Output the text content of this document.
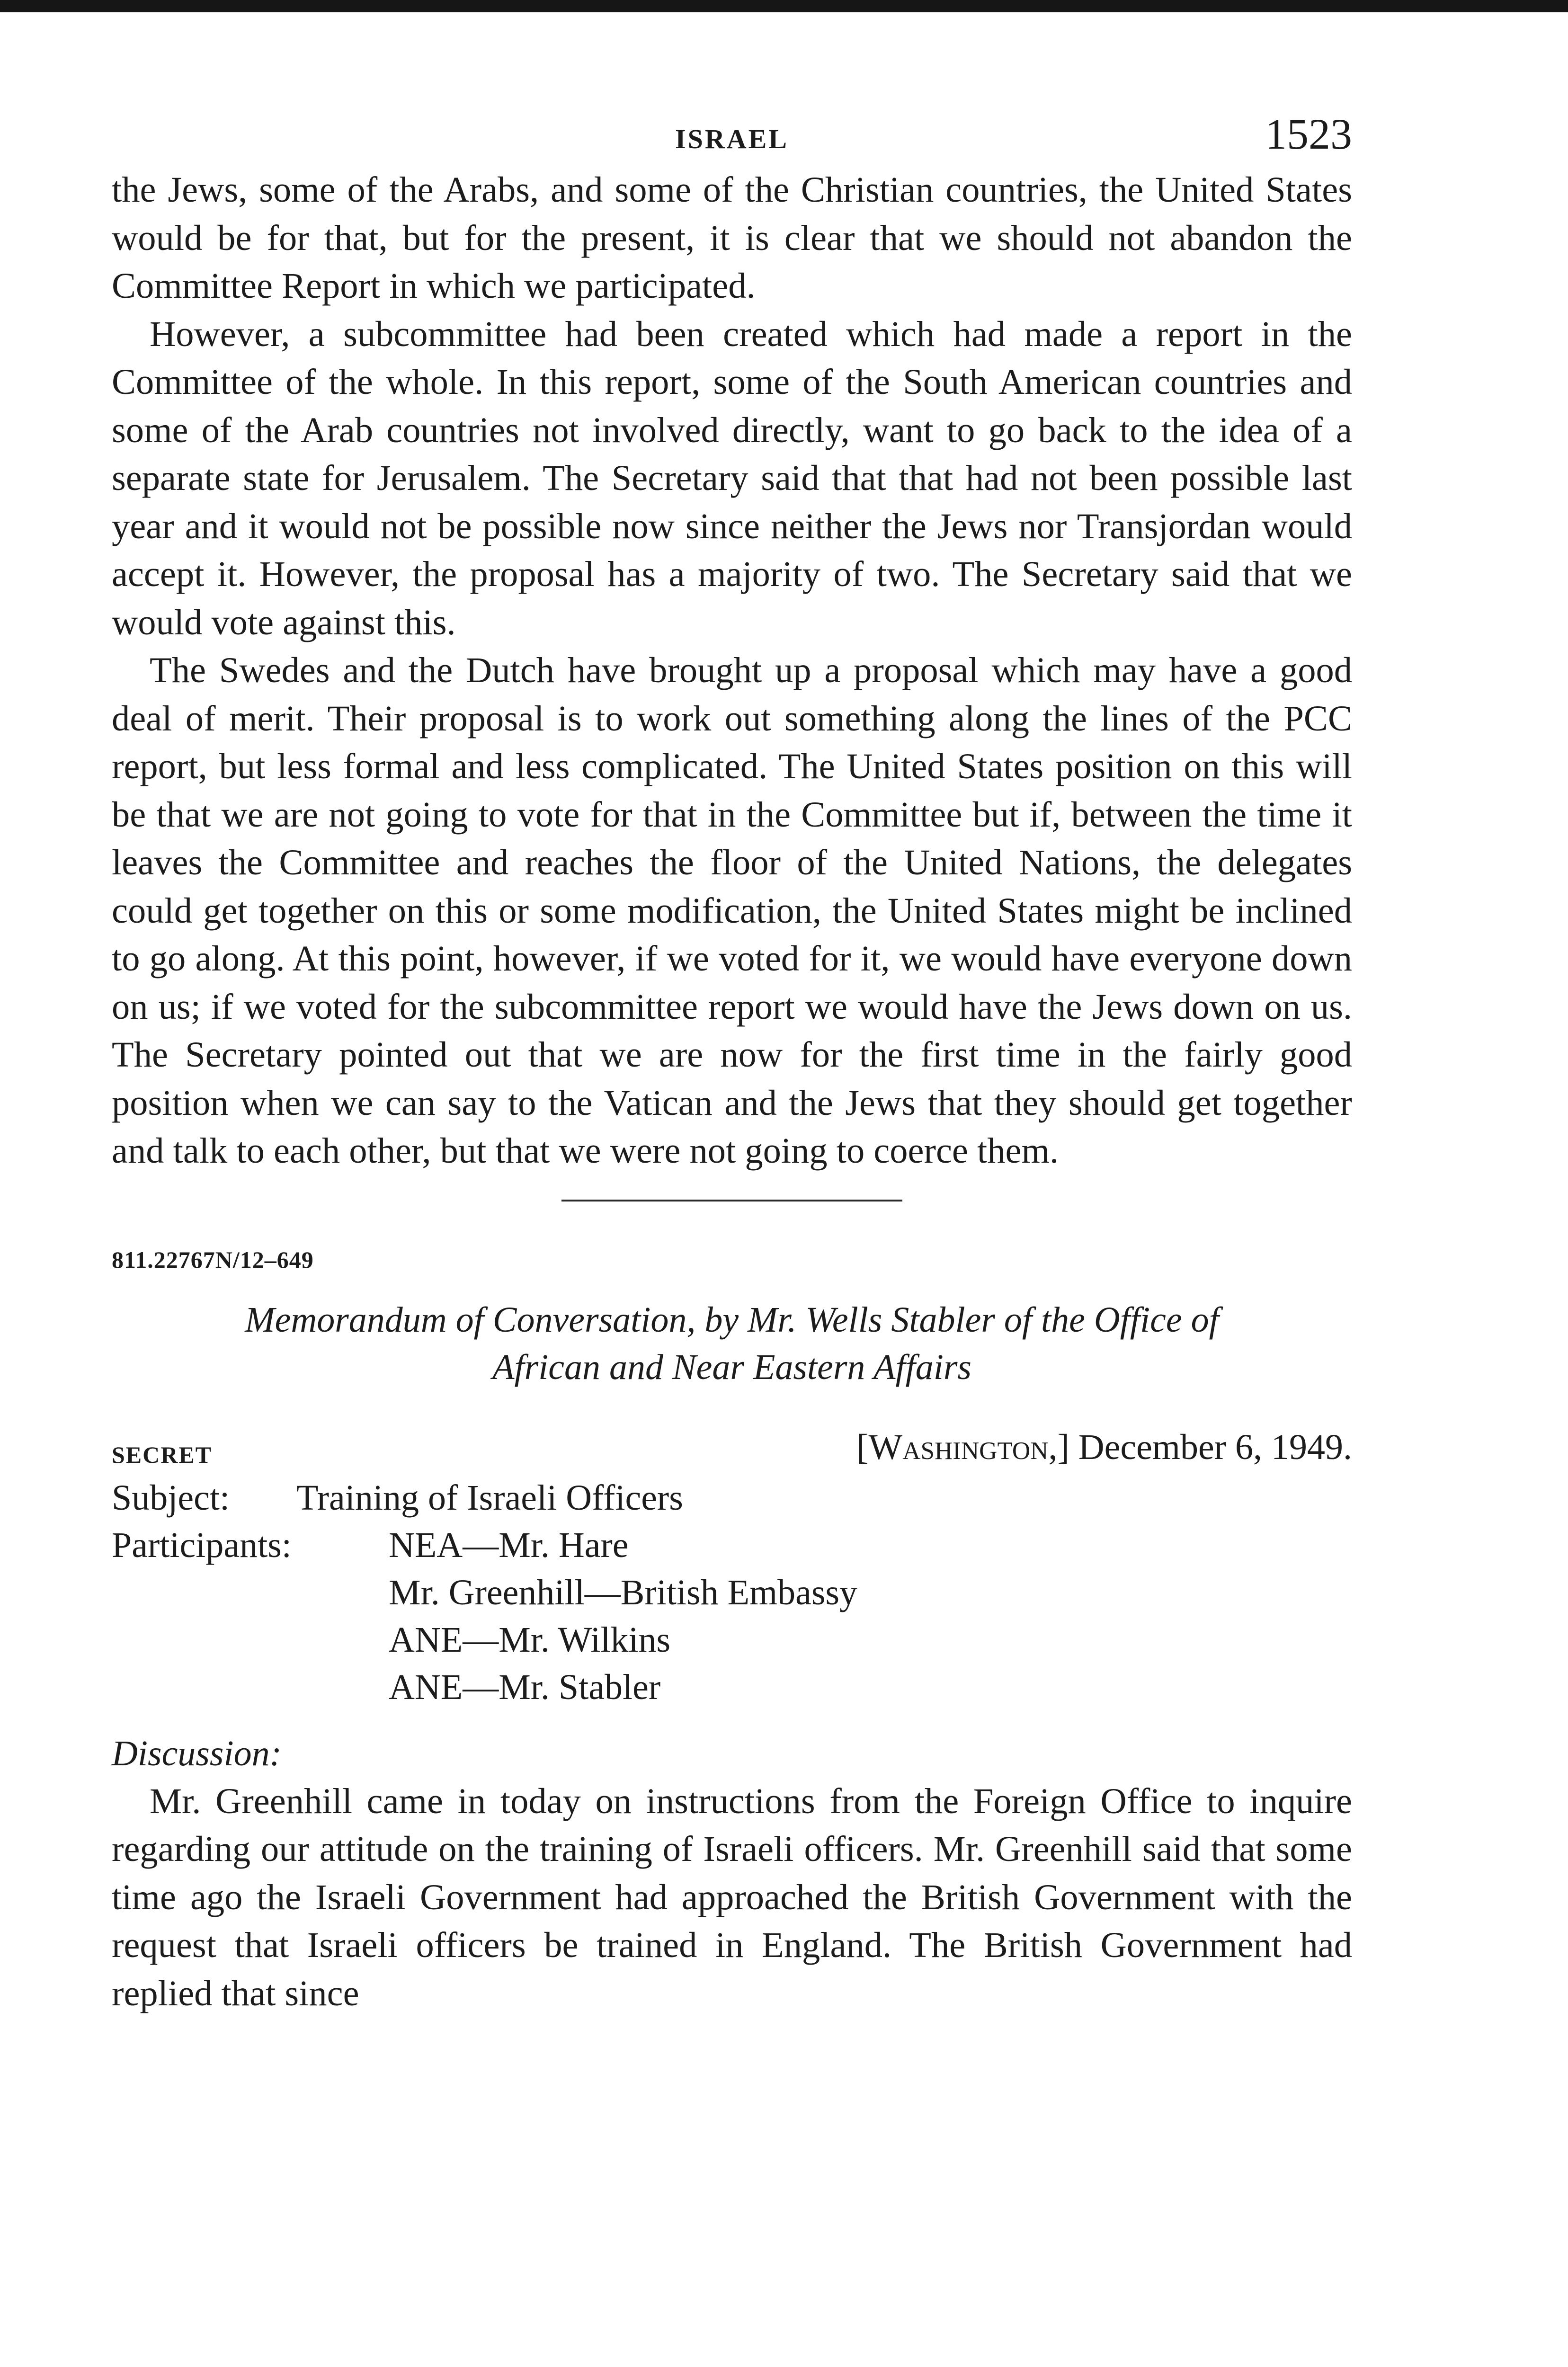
ISRAEL	1523

the Jews, some of the Arabs, and some of the Christian countries, the United States would be for that, but for the present, it is clear that we should not abandon the Committee Report in which we participated.

However, a subcommittee had been created which had made a report in the Committee of the whole. In this report, some of the South American countries and some of the Arab countries not involved directly, want to go back to the idea of a separate state for Jerusalem. The Secretary said that that had not been possible last year and it would not be possible now since neither the Jews nor Transjordan would accept it. However, the proposal has a majority of two. The Secretary said that we would vote against this.

The Swedes and the Dutch have brought up a proposal which may have a good deal of merit. Their proposal is to work out something along the lines of the PCC report, but less formal and less complicated. The United States position on this will be that we are not going to vote for that in the Committee but if, between the time it leaves the Committee and reaches the floor of the United Nations, the delegates could get together on this or some modification, the United States might be inclined to go along. At this point, however, if we voted for it, we would have everyone down on us; if we voted for the subcommittee report we would have the Jews down on us. The Secretary pointed out that we are now for the first time in the fairly good position when we can say to the Vatican and the Jews that they should get together and talk to each other, but that we were not going to coerce them.

811.22767N/12–649
Memorandum of Conversation, by Mr. Wells Stabler of the Office of
African and Near Eastern Affairs
SECRET	[Washington,] December 6, 1949.
Subject:	Training of Israeli Officers
Participants:	NEA—Mr. Hare
Mr. Greenhill—British Embassy
ANE—Mr. Wilkins
ANE—Mr. Stabler
Discussion:

Mr. Greenhill came in today on instructions from the Foreign Office to inquire regarding our attitude on the training of Israeli officers. Mr. Greenhill said that some time ago the Israeli Government had approached the British Government with the request that Israeli officers be trained in England. The British Government had replied that since
